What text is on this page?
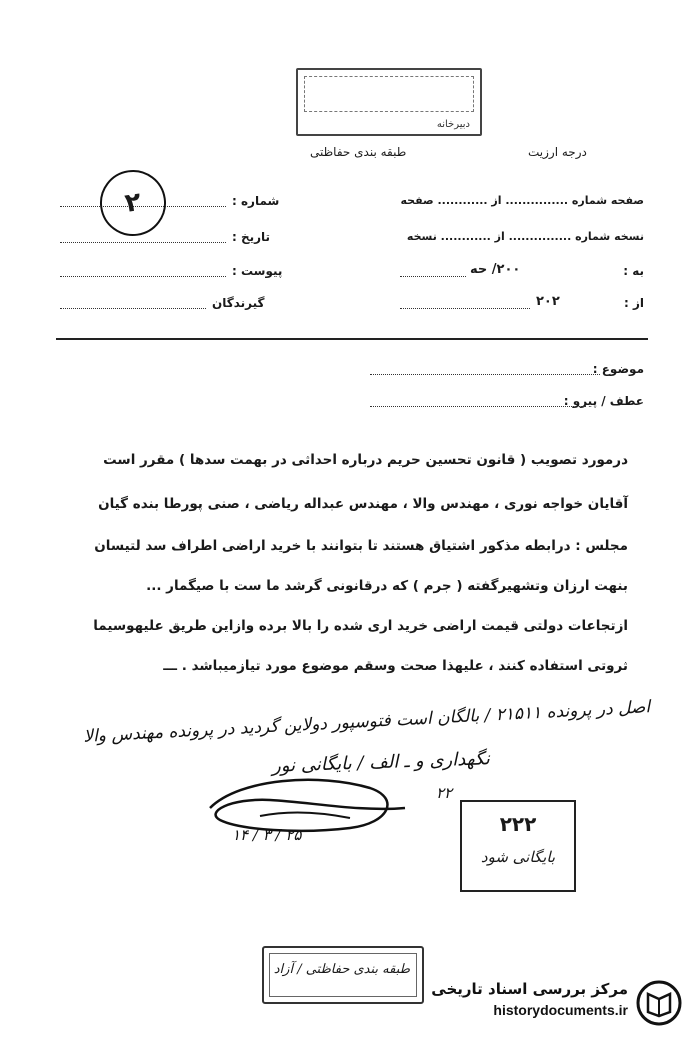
دبیرخانه
طبقه بندی حفاظتی	درجه ارزیت
شماره :
تاریخ :
پیوست :
گیرندگان
۲	صفحه شماره ............... از ............ صفحه
نسخه شماره ............... از ............ نسخه
به :
۲۰۰/ حه
از :
۲۰۲
موضوع :
عطف / پیرو :
درمورد تصویب ( قانون تحسین حریم درباره احداثی در بهمت سدها ) مقرر است
آقایان خواجه نوری ، مهندس والا ، مهندس عبداله ریاضی ، صنی پورطا بنده گیان
مجلس : درابطه مذکور اشتیاق هستند تا بتوانند با خرید اراضی اطراف سد لتیسان
بنهت ارزان وتشهیرگفته ( جرم ) که درقانونی گرشد ما ست با صیگمار ...
ازتجاعات دولتی قیمت اراضی خرید اری شده را بالا برده وازاین طریق علیهوسیما
ثروتی استفاده کنند ، علیهذا صحت وسقم موضوع مورد تیازمیباشد . ـــ
اصل در پرونده ۲۱۵۱۱ / بالگان است فتوسپور دولاین گردید در پرونده مهندس والا
نگهداری و ـ الف / بایگانی نور
۲۲
۱۴ / ۳ / ۲۵	۲۲۲
بایگانی شود
طبقه بندی حفاظتی / آزاد
مرکز بررسی اسناد تاریخی
historydocuments.ir
